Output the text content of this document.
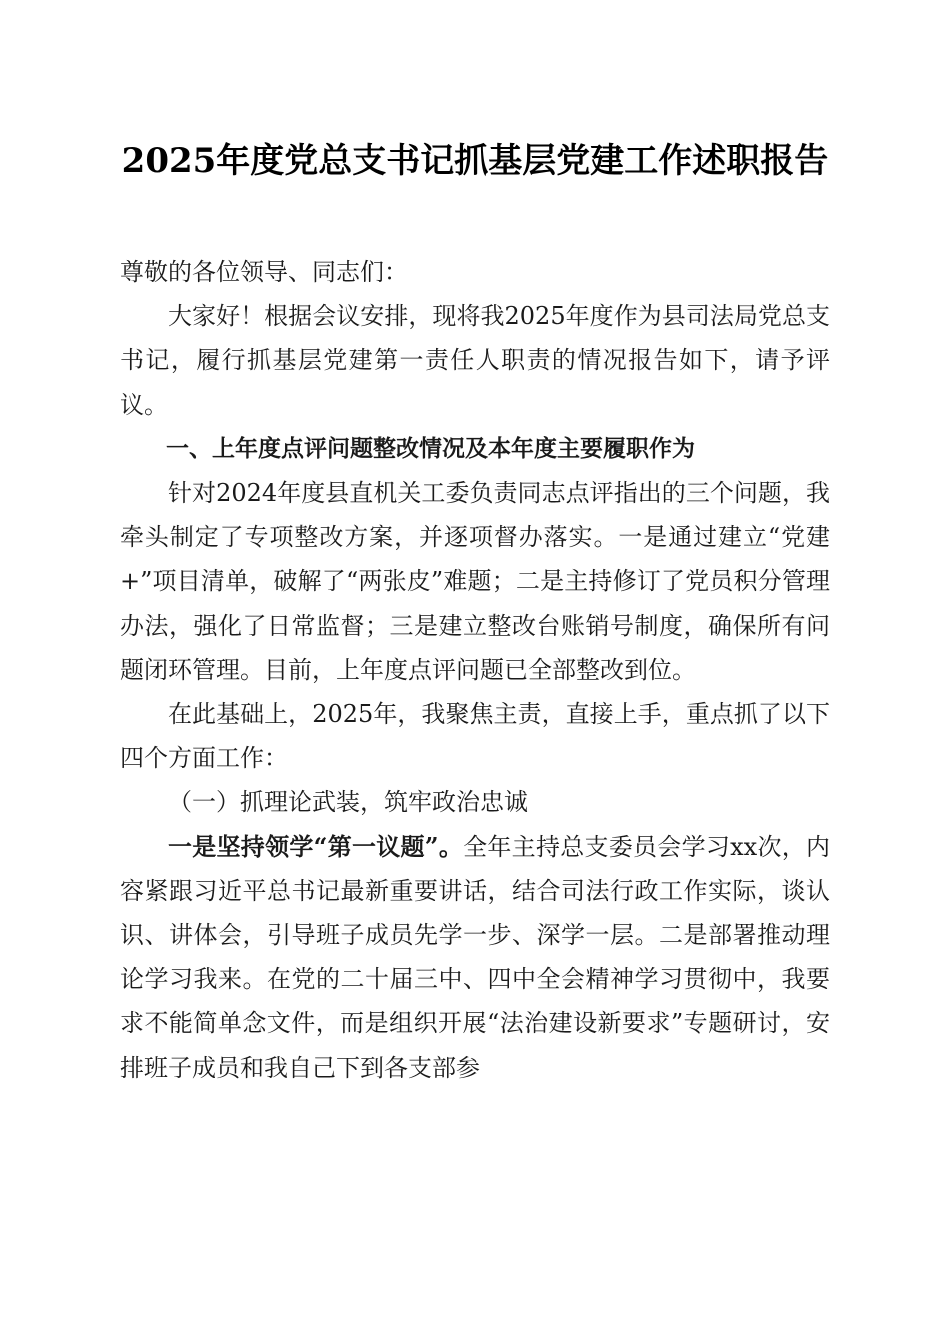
2025年度党总支书记抓基层党建工作述职报告

尊敬的各位领导、同志们：

大家好！根据会议安排，现将我2025年度作为县司法局党总支书记，履行抓基层党建第一责任人职责的情况报告如下，请予评议。

一、上年度点评问题整改情况及本年度主要履职作为

针对2024年度县直机关工委负责同志点评指出的三个问题，我牵头制定了专项整改方案，并逐项督办落实。一是通过建立“党建+”项目清单，破解了“两张皮”难题；二是主持修订了党员积分管理办法，强化了日常监督；三是建立整改台账销号制度，确保所有问题闭环管理。目前，上年度点评问题已全部整改到位。

在此基础上，2025年，我聚焦主责，直接上手，重点抓了以下四个方面工作：

（一）抓理论武装，筑牢政治忠诚

一是坚持领学“第一议题”。全年主持总支委员会学习xx次，内容紧跟习近平总书记最新重要讲话，结合司法行政工作实际，谈认识、讲体会，引导班子成员先学一步、深学一层。二是部署推动理论学习我来。在党的二十届三中、四中全会精神学习贯彻中，我要求不能简单念文件，而是组织开展“法治建设新要求”专题研讨，安排班子成员和我自己下到各支部参
